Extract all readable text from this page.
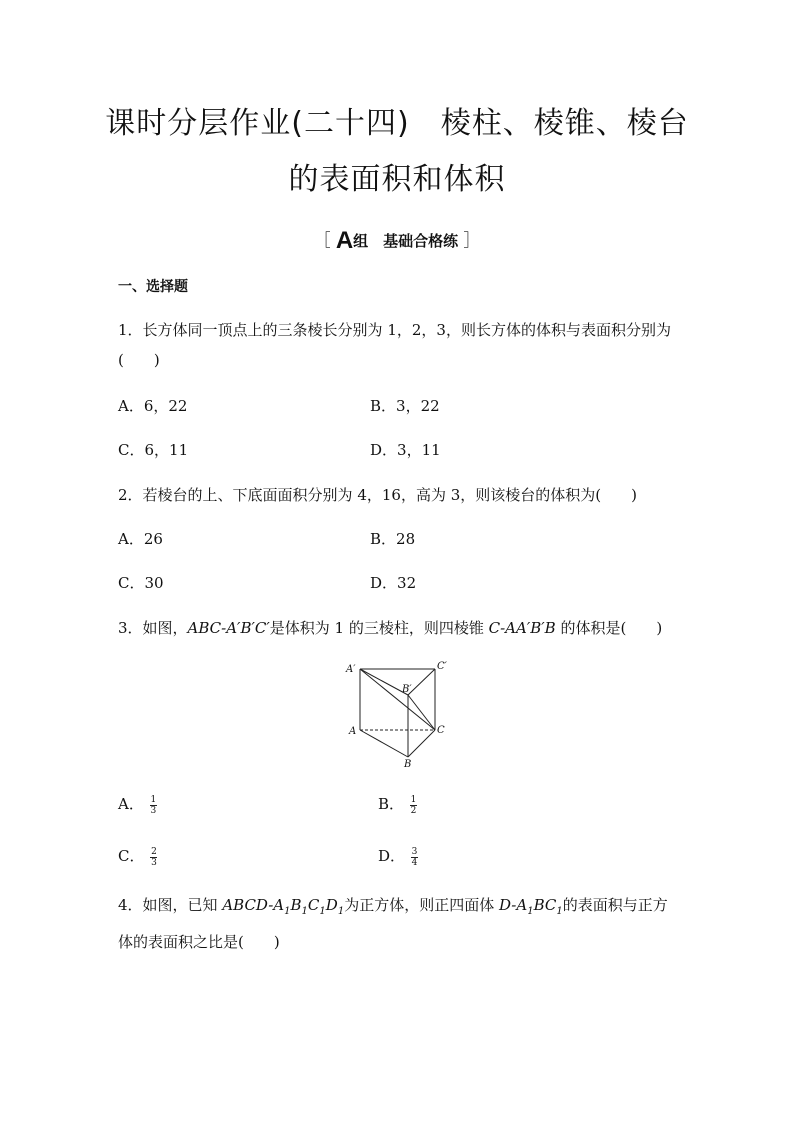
课时分层作业(二十四)　棱柱、棱锥、棱台
的表面积和体积
［ A组　基础合格练 ］
一、选择题
1．长方体同一顶点上的三条棱长分别为 1，2，3，则长方体的体积与表面积分别为(　　)
A．6，22	B．3，22
C．6，11	D．3，11
2．若棱台的上、下底面面积分别为 4，16，高为 3，则该棱台的体积为(　　)
A．26	B．28
C．30	D．32
3．如图，ABC-A′B′C′是体积为 1 的三棱柱，则四棱锥 C-AA′B′B 的体积是(　　)
A′	C′
B′
A	C
B
A． $\frac{1}{3}$	B． $\frac{1}{2}$
C． $\frac{2}{3}$	D． $\frac{3}{4}$
4．如图，已知 ABCD-$A_1B_1C_1D_1$为正方体，则正四面体 $D-A_1BC_1$的表面积与正方体的表面积之比是(　　)
